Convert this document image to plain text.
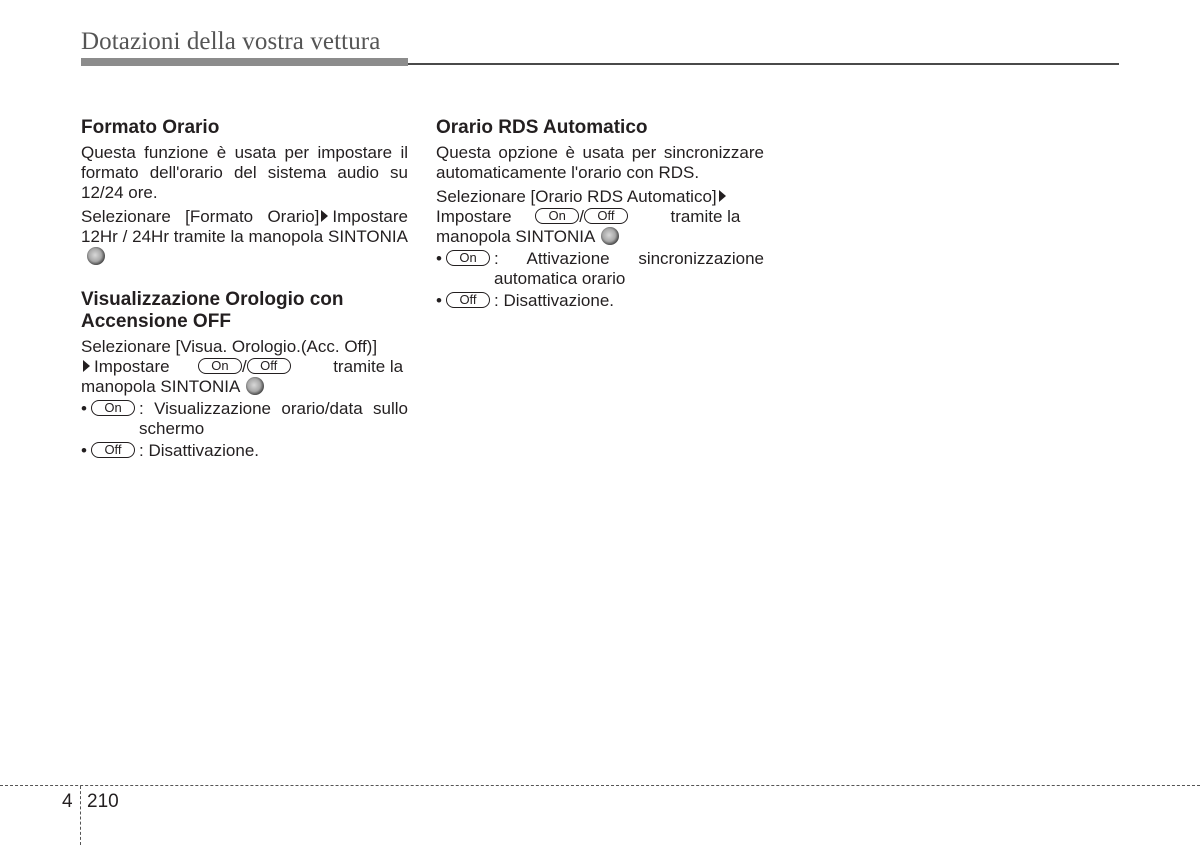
Dotazioni della vostra vettura
Formato Orario

Questa funzione è usata per impostare il formato dell'orario del sistema audio su 12/24 ore.

Selezionare [Formato Orario] Impostare 12Hr / 24Hr tramite la manopola SINTONIA

Visualizzazione Orologio con Accensione OFF

Selezionare [Visua. Orologio.(Acc. Off)]
Impostare	On / Off	tramite la
manopola SINTONIA

•	On	: Visualizzazione orario/data sullo schermo
•	Off	: Disattivazione.
Orario RDS Automatico

Questa opzione è usata per sincronizzare automaticamente l'orario con RDS.

Selezionare [Orario RDS Automatico]
Impostare	On / Off	tramite la
manopola SINTONIA

•	On	: Attivazione sincronizzazione automatica orario
•	Off	: Disattivazione.
4 210
